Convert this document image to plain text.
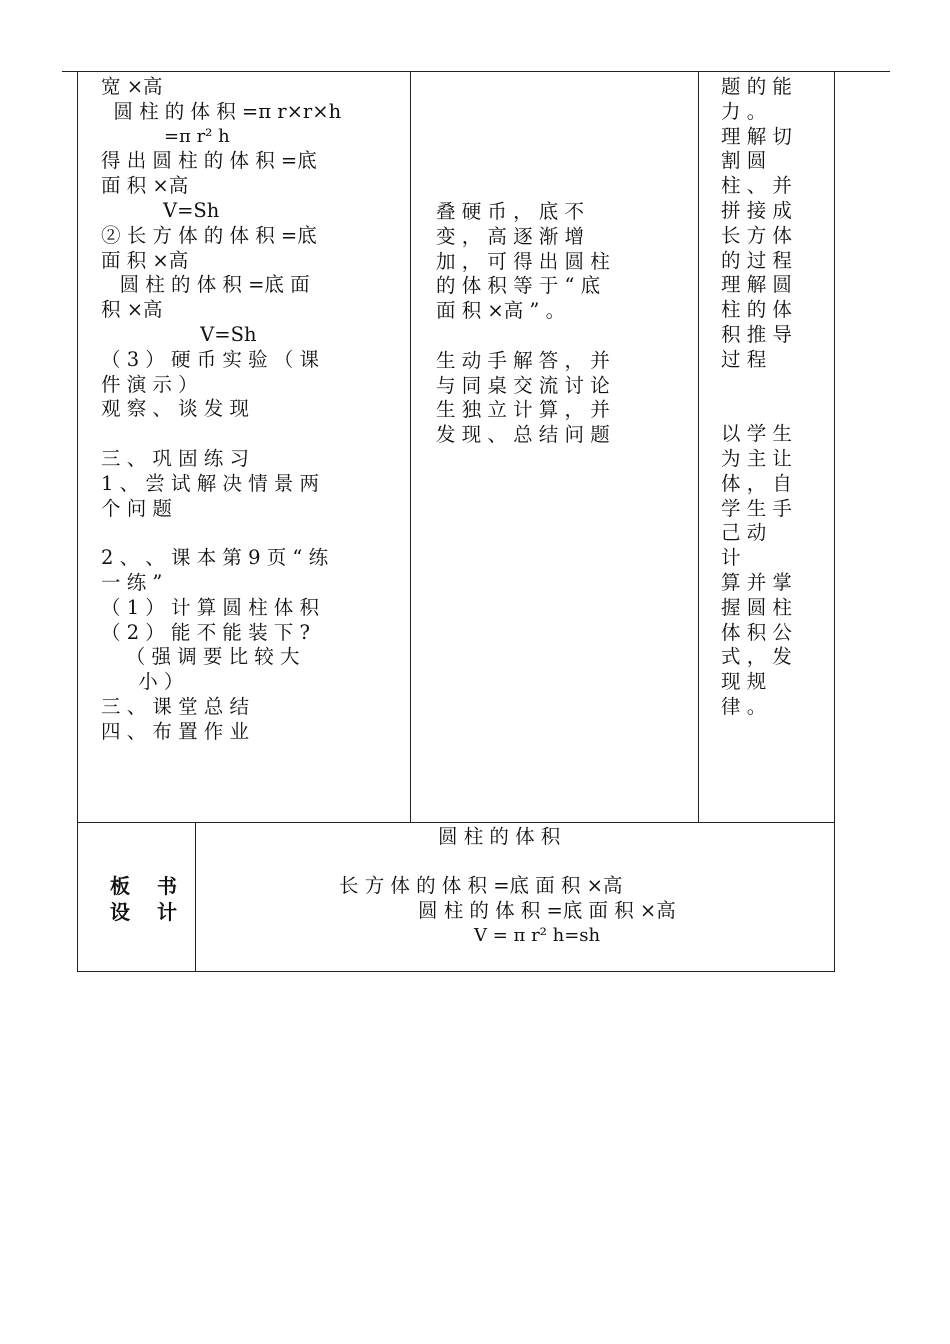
宽 ×高
圆 柱 的 体 积 =π r×r×h
=π r² h
得 出 圆 柱 的 体 积 =底
面 积 ×高
V=Sh
② 长 方 体 的 体 积 =底
面 积 ×高
圆 柱 的 体 积 =底 面
积 ×高
V=Sh
（ 3 ） 硬 币 实 验 （ 课
件 演 示 ）
观 察 、 谈 发 现
三 、 巩 固 练 习
1 、 尝 试 解 决 情 景 两
个 问 题
2 、 、 课 本 第 9 页 “ 练
一 练 ”
（ 1 ） 计 算 圆 柱 体 积
（ 2 ） 能 不 能 装 下 ?
（ 强 调 要 比 较 大
小 ）
三 、 课 堂 总 结
四 、 布 置 作 业
叠 硬 币 ， 底 不
变 ， 高 逐 渐 增
加 ， 可 得 出 圆 柱
的 体 积 等 于 “ 底
面 积 ×高 ” 。
生 动 手 解 答 ， 并
与 同 桌 交 流 讨 论
生 独 立 计 算 ， 并
发 现 、 总 结 问 题
题 的 能
力 。
理 解 切
割 圆
柱 、 并
拼 接 成
长 方 体
的 过 程
理 解 圆
柱 的 体
积 推 导
过 程
以 学 生
为 主 让
体 ， 自
学 生 手
己 动
计
算 并 掌
握 圆 柱
体 积 公
式 ， 发
现 规
律 。
板 书
设 计
圆 柱 的 体 积
长 方 体 的 体 积 =底 面 积 ×高
圆 柱 的 体 积 =底 面 积 ×高
V = π r² h=sh
